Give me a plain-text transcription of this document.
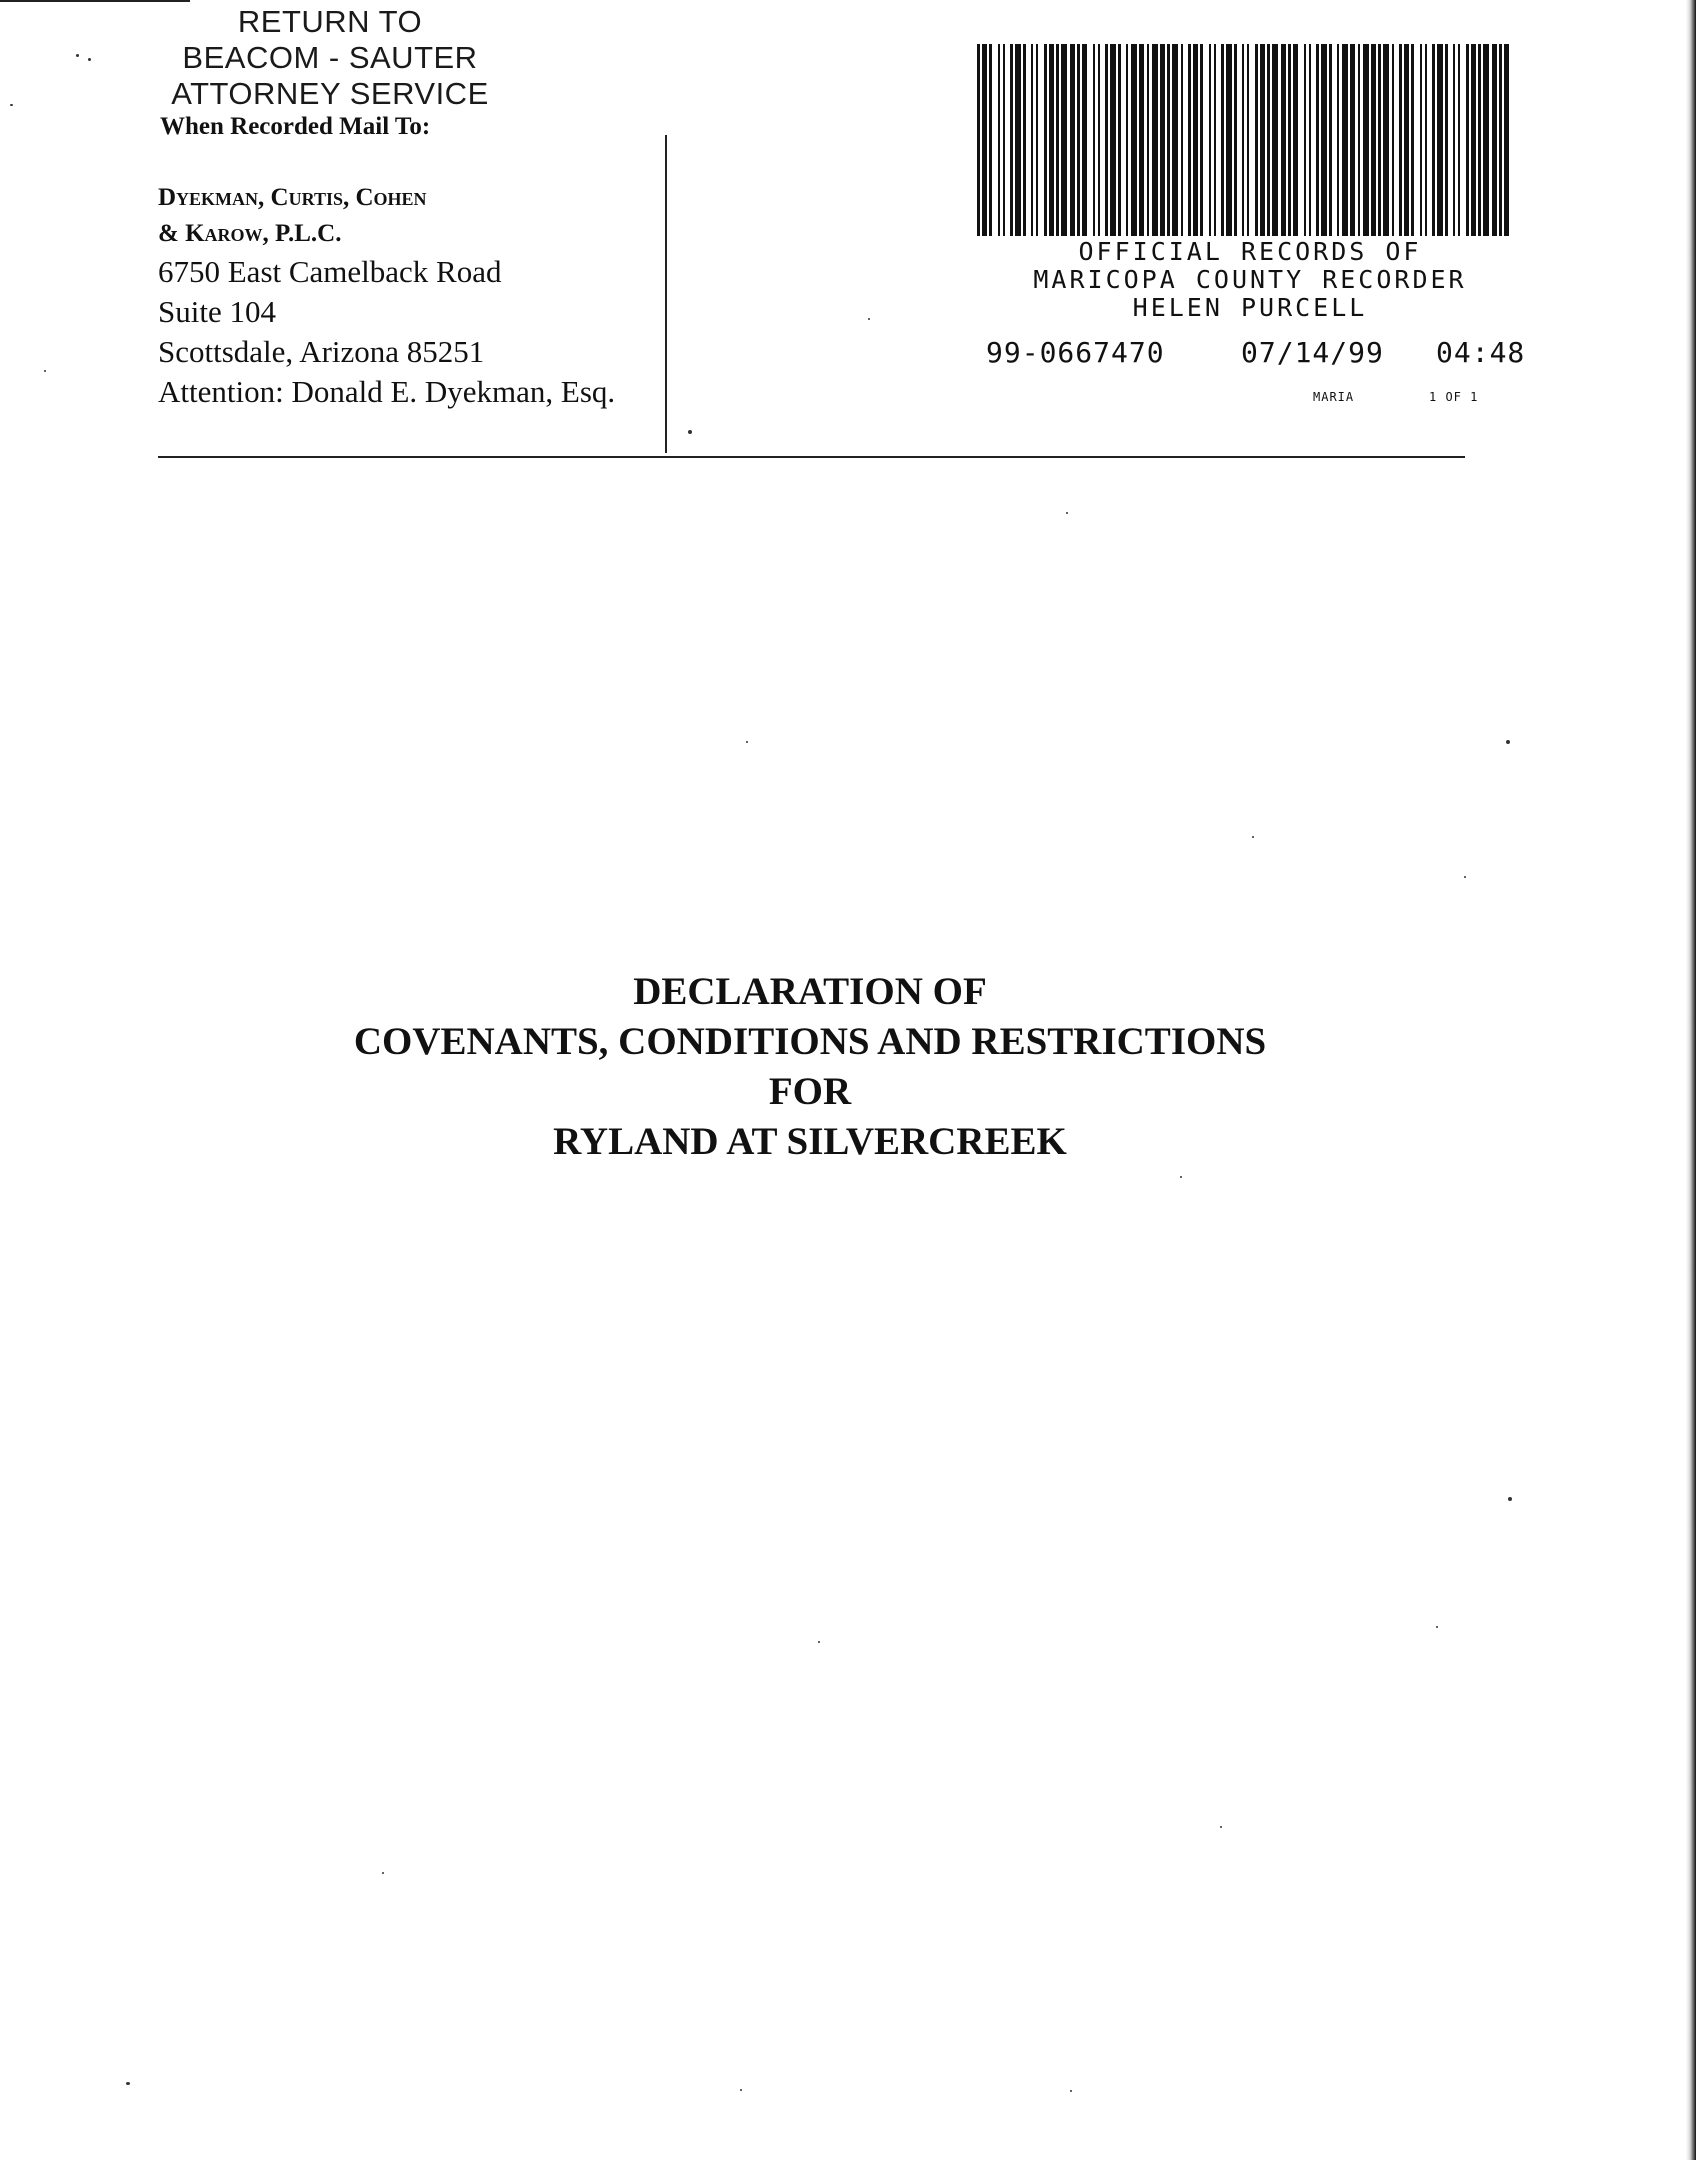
RETURN TO
BEACOM - SAUTER
ATTORNEY SERVICE
When Recorded Mail To:
Dyekman, Curtis, Cohen
& Karow, P.L.C.
6750 East Camelback Road
Suite 104
Scottsdale, Arizona 85251
Attention: Donald E. Dyekman, Esq.
OFFICIAL RECORDS OF
MARICOPA COUNTY RECORDER
HELEN PURCELL
99-0667470	07/14/99 04:48
MARIA	1 OF 1
DECLARATION OF
COVENANTS, CONDITIONS AND RESTRICTIONS
FOR
RYLAND AT SILVERCREEK
